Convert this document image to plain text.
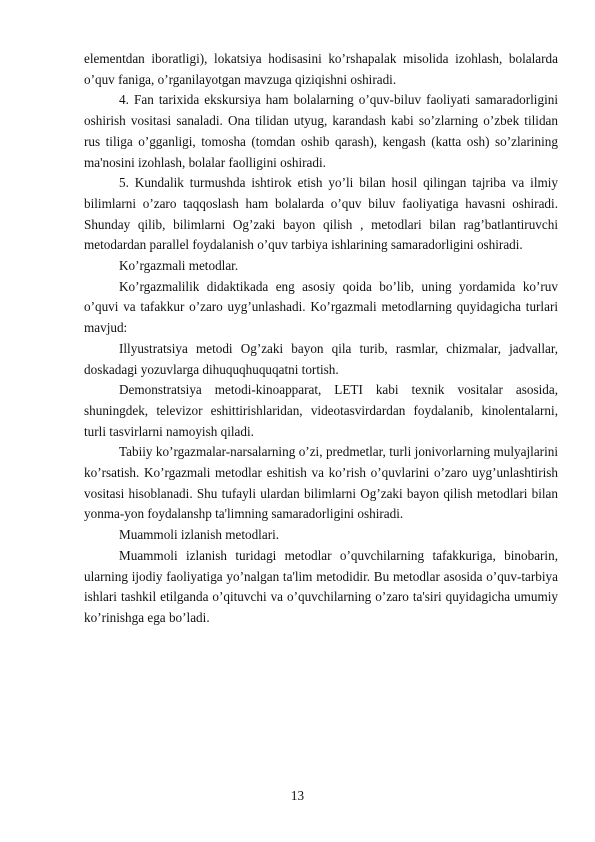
elementdan iboratligi), lokatsiya hodisasini ko’rshapalak misolida izohlash, bolalarda o’quv faniga, o’rganilayotgan mavzuga qiziqishni oshiradi.

4. Fan tarixida ekskursiya ham bolalarning o’quv-biluv faoliyati samaradorligini oshirish vositasi sanaladi. Ona tilidan utyug, karandash kabi so’zlarning o’zbek tilidan rus tiliga o’gganligi, tomosha (tomdan oshib qarash), kengash (katta osh) so’zlarining ma'nosini izohlash, bolalar faolligini oshiradi.

5. Kundalik turmushda ishtirok etish yo’li bilan hosil qilingan tajriba va ilmiy bilimlarni o’zaro taqqoslash ham bolalarda o’quv biluv faoliyatiga havasni oshiradi. Shunday qilib, bilimlarni Og’zaki bayon qilish , metodlari bilan rag’batlantiruvchi metodardan parallel foydalanish o’quv tarbiya ishlarining samaradorligini oshiradi.

Ko’rgazmali metodlar.

Ko’rgazmalilik didaktikada eng asosiy qoida bo’lib, uning yordamida ko’ruv o’quvi va tafakkur o’zaro uyg’unlashadi. Ko’rgazmali metodlarning quyidagicha turlari mavjud:

Illyustratsiya metodi Og’zaki bayon qila turib, rasmlar, chizmalar, jadvallar, doskadagi yozuvlarga dihuquqhuquqatni tortish.

Demonstratsiya metodi-kinoapparat, LETI kabi texnik vositalar asosida, shuningdek, televizor eshittirishlaridan, videotasvirdardan foydalanib, kinolentalarni, turli tasvirlarni namoyish qiladi.

Tabiiy ko’rgazmalar-narsalarning o’zi, predmetlar, turli jonivorlarning mulyajlarini ko’rsatish. Ko’rgazmali metodlar eshitish va ko’rish o’quvlarini o’zaro uyg’unlashtirish vositasi hisoblanadi. Shu tufayli ulardan bilimlarni Og’zaki bayon qilish metodlari bilan yonma-yon foydalanshp ta'limning samaradorligini oshiradi.

Muammoli izlanish metodlari.

Muammoli izlanish turidagi metodlar o’quvchilarning tafakkuriga, binobarin, ularning ijodiy faoliyatiga yo’nalgan ta'lim metodidir. Bu metodlar asosida o’quv-tarbiya ishlari tashkil etilganda o’qituvchi va o’quvchilarning o’zaro ta'siri quyidagicha umumiy ko’rinishga ega bo’ladi.

13
